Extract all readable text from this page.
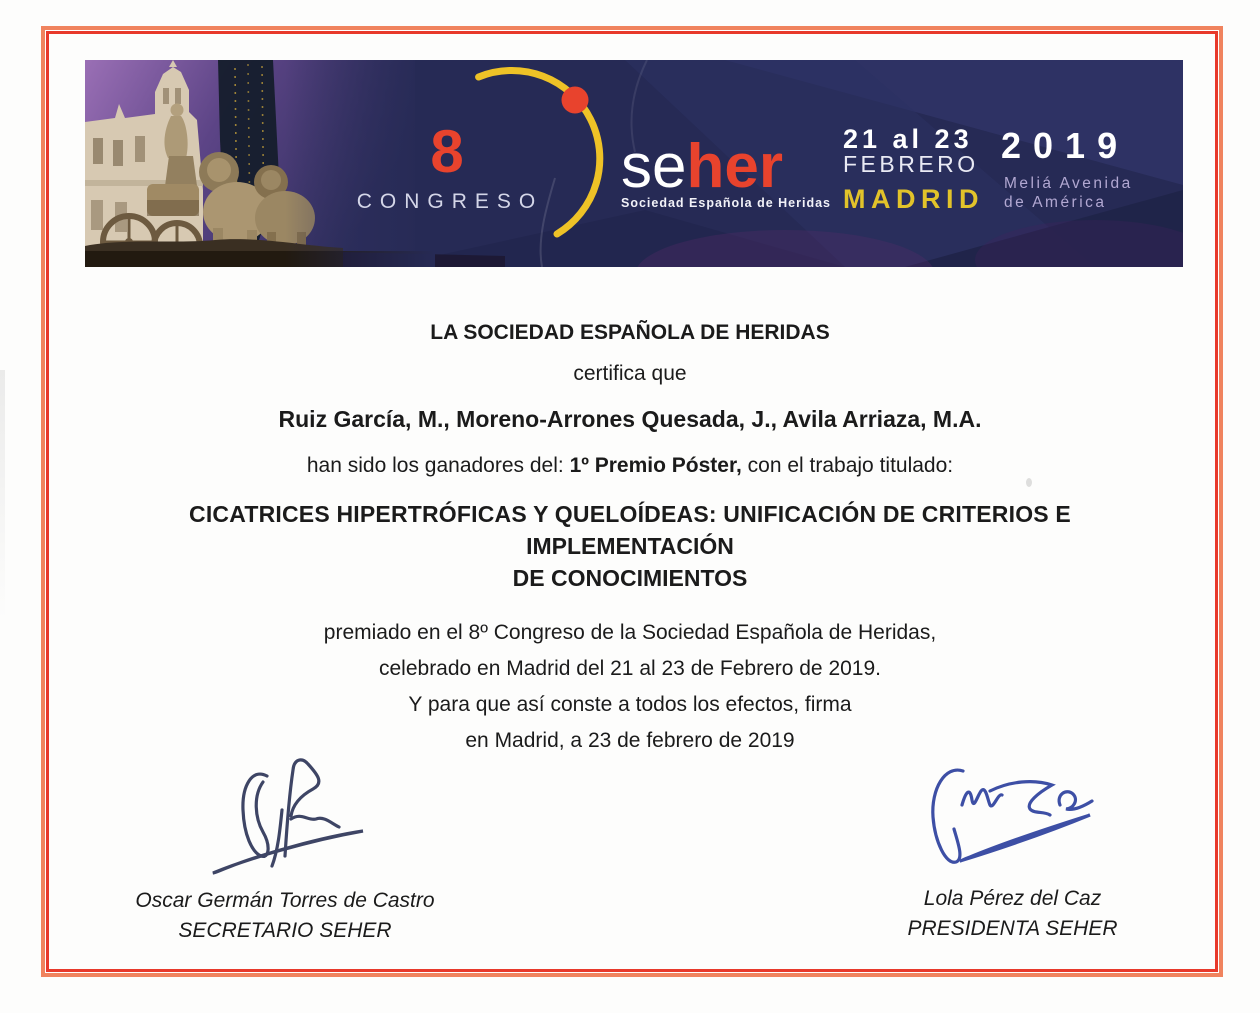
8
CONGRESO
seher
Sociedad Española de Heridas
21 al 23
FEBRERO
MADRID
2019
Meliá Avenida
de América
LA SOCIEDAD ESPAÑOLA DE HERIDAS
certifica que
Ruiz García, M., Moreno-Arrones Quesada, J., Avila Arriaza, M.A.
han sido los ganadores del: 1º Premio Póster, con el trabajo titulado:
CICATRICES HIPERTRÓFICAS Y QUELOÍDEAS: UNIFICACIÓN DE CRITERIOS E
IMPLEMENTACIÓN
DE CONOCIMIENTOS
premiado en el 8º Congreso de la Sociedad Española de Heridas,
celebrado en Madrid del 21 al 23 de Febrero de 2019.
Y para que así conste a todos los efectos, firma
en Madrid, a 23 de febrero de 2019
Oscar Germán Torres de Castro
SECRETARIO SEHER
Lola Pérez del Caz
PRESIDENTA SEHER
